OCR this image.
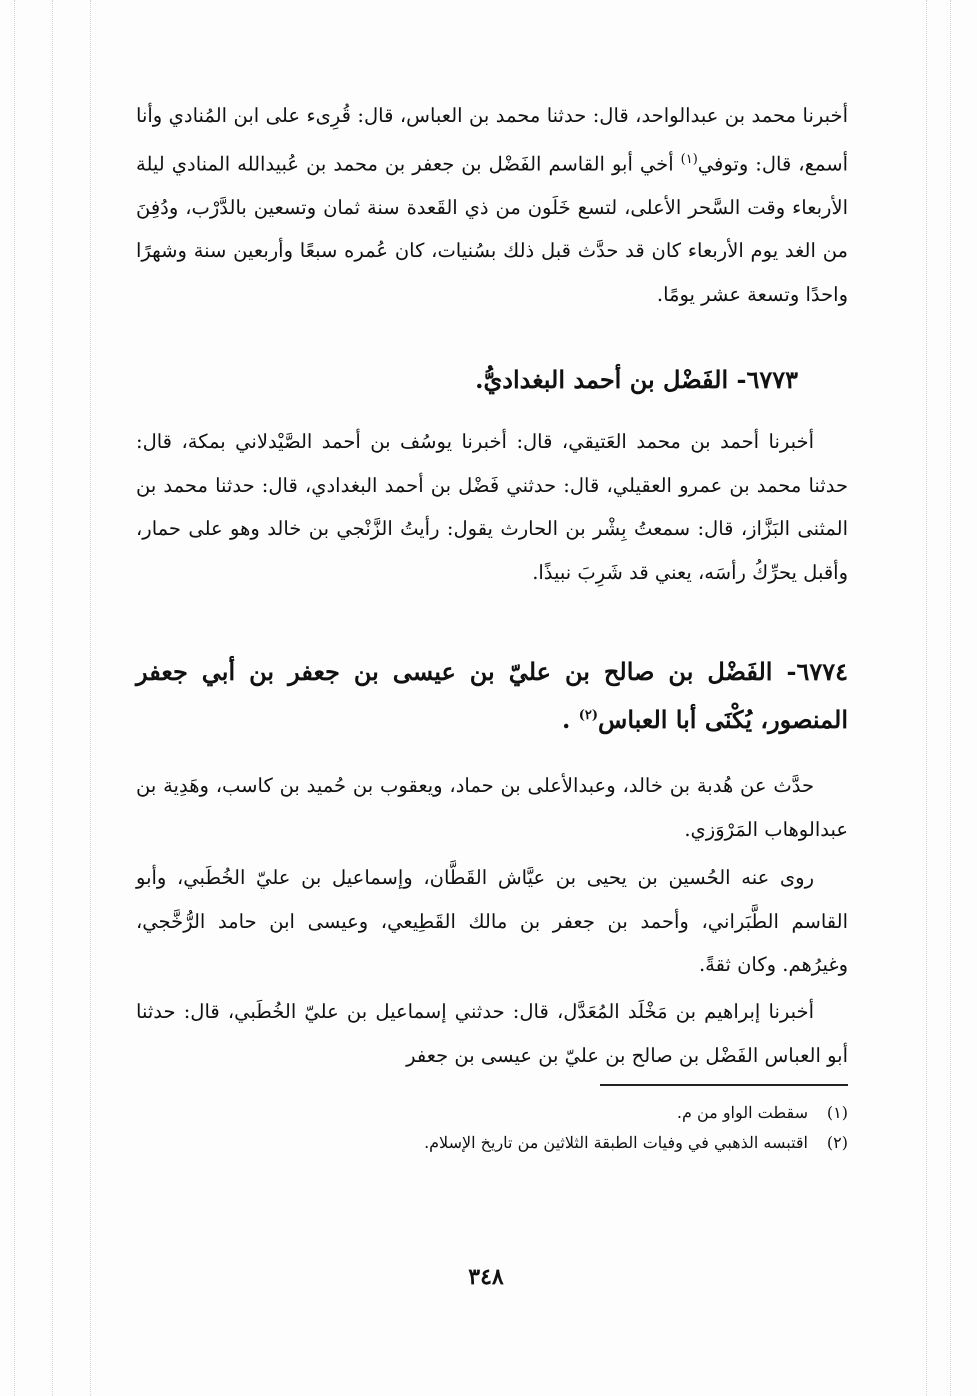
أخبرنا محمد بن عبدالواحد، قال: حدثنا محمد بن العباس، قال: قُرِىء على ابن المُنادي وأنا أسمع، قال: وتوفي$^{(١)}$ أخي أبو القاسم الفَضْل بن جعفر بن محمد بن عُبيدالله المنادي ليلة الأربعاء وقت السَّحر الأعلى، لتسع خَلَون من ذي القَعدة سنة ثمان وتسعين بالدَّرْب، ودُفِنَ من الغد يوم الأربعاء كان قد حدَّث قبل ذلك بسُنيات، كان عُمره سبعًا وأربعين سنة وشهرًا واحدًا وتسعة عشر يومًا.

٦٧٧٣- الفَضْل بن أحمد البغداديُّ.

أخبرنا أحمد بن محمد العَتيقي، قال: أخبرنا يوسُف بن أحمد الصَّيْدلاني بمكة، قال: حدثنا محمد بن عمرو العقيلي، قال: حدثني فَضْل بن أحمد البغدادي، قال: حدثنا محمد بن المثنى البَزَّاز، قال: سمعتُ بِشْر بن الحارث يقول: رأيتُ الزَّنْجي بن خالد وهو على حمار، وأقبل يحرِّكُ رأسَه، يعني قد شَرِبَ نبيذًا.

٦٧٧٤- الفَضْل بن صالح بن عليّ بن عيسى بن جعفر بن أبي جعفر المنصور، يُكْنَى أبا العباس$^{(٢)}$ .

حدَّث عن هُدبة بن خالد، وعبدالأعلى بن حماد، ويعقوب بن حُميد بن كاسب، وهَدِية بن عبدالوهاب المَرْوَزي.

روى عنه الحُسين بن يحيى بن عيَّاش القَطَّان، وإسماعيل بن عليّ الخُطَبي، وأبو القاسم الطَّبَراني، وأحمد بن جعفر بن مالك القَطِيعي، وعيسى ابن حامد الرُّخَّجي، وغيرُهم. وكان ثقةً.

أخبرنا إبراهيم بن مَخْلَد المُعَدَّل، قال: حدثني إسماعيل بن عليّ الخُطَبي، قال: حدثنا أبو العباس الفَضْل بن صالح بن عليّ بن عيسى بن جعفر

(١)سقطت الواو من م.

(٢)اقتبسه الذهبي في وفيات الطبقة الثلاثين من تاريخ الإسلام.

٣٤٨
